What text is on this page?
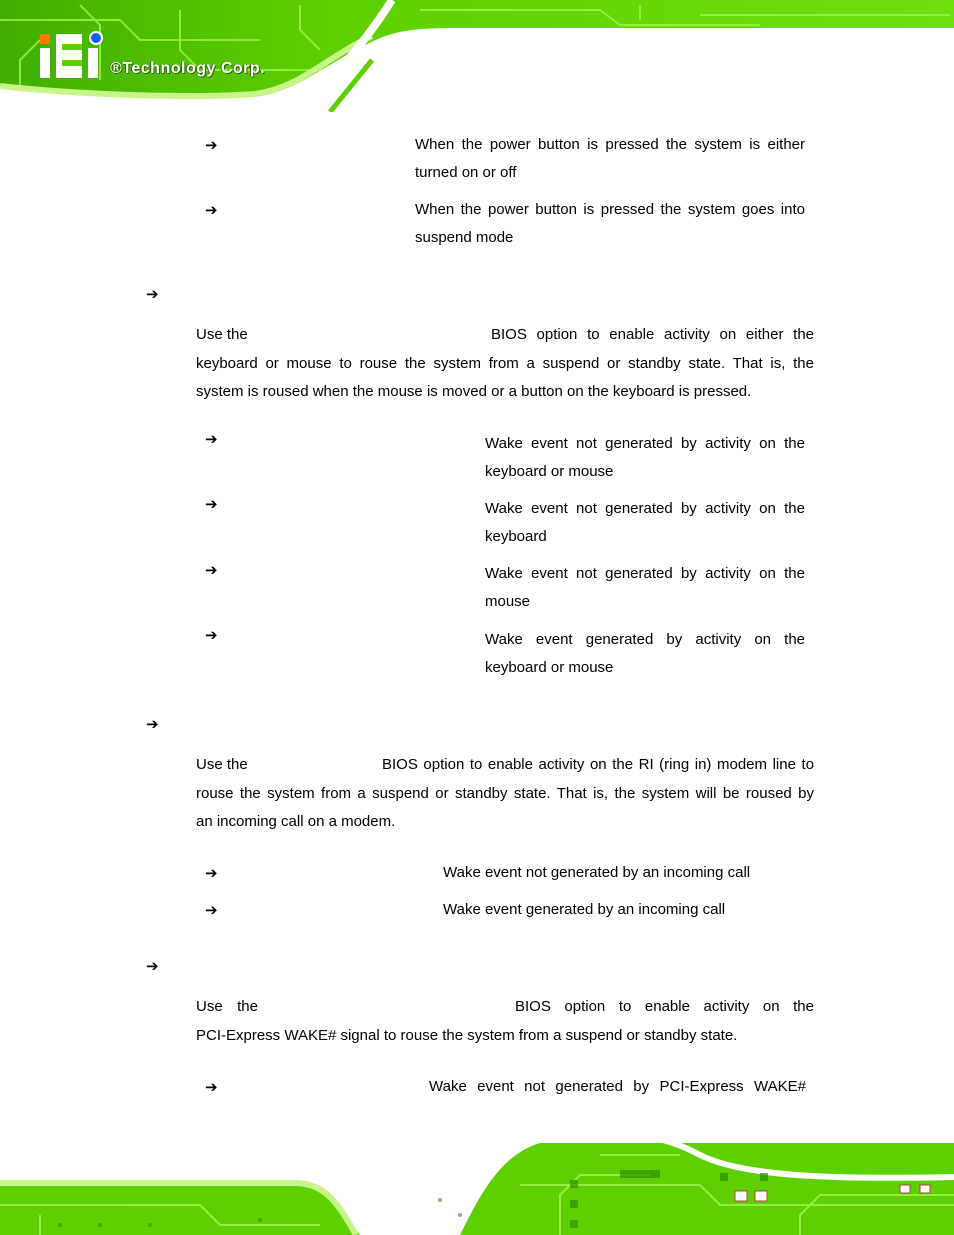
®Technology Corp.
➔	When the power button is pressed the system is either
turned on or off
➔	When the power button is pressed the system goes into
suspend mode
➔
Use the	BIOS option to enable activity on either the
keyboard or mouse to rouse the system from a suspend or standby state. That is, the
system is roused when the mouse is moved or a button on the keyboard is pressed.
➔	Wake event not generated by activity on the
keyboard or mouse
➔	Wake event not generated by activity on the
keyboard
➔	Wake event not generated by activity on the
mouse
➔	Wake event generated by activity on the
keyboard or mouse
➔
Use the	BIOS option to enable activity on the RI (ring in) modem line to
rouse the system from a suspend or standby state. That is, the system will be roused by
an incoming call on a modem.
➔	Wake event not generated by an incoming call
➔	Wake event generated by an incoming call
➔
Use the	BIOS option to enable activity on the
PCI-Express WAKE# signal to rouse the system from a suspend or standby state.
➔	Wake event not generated by PCI-Express WAKE#
